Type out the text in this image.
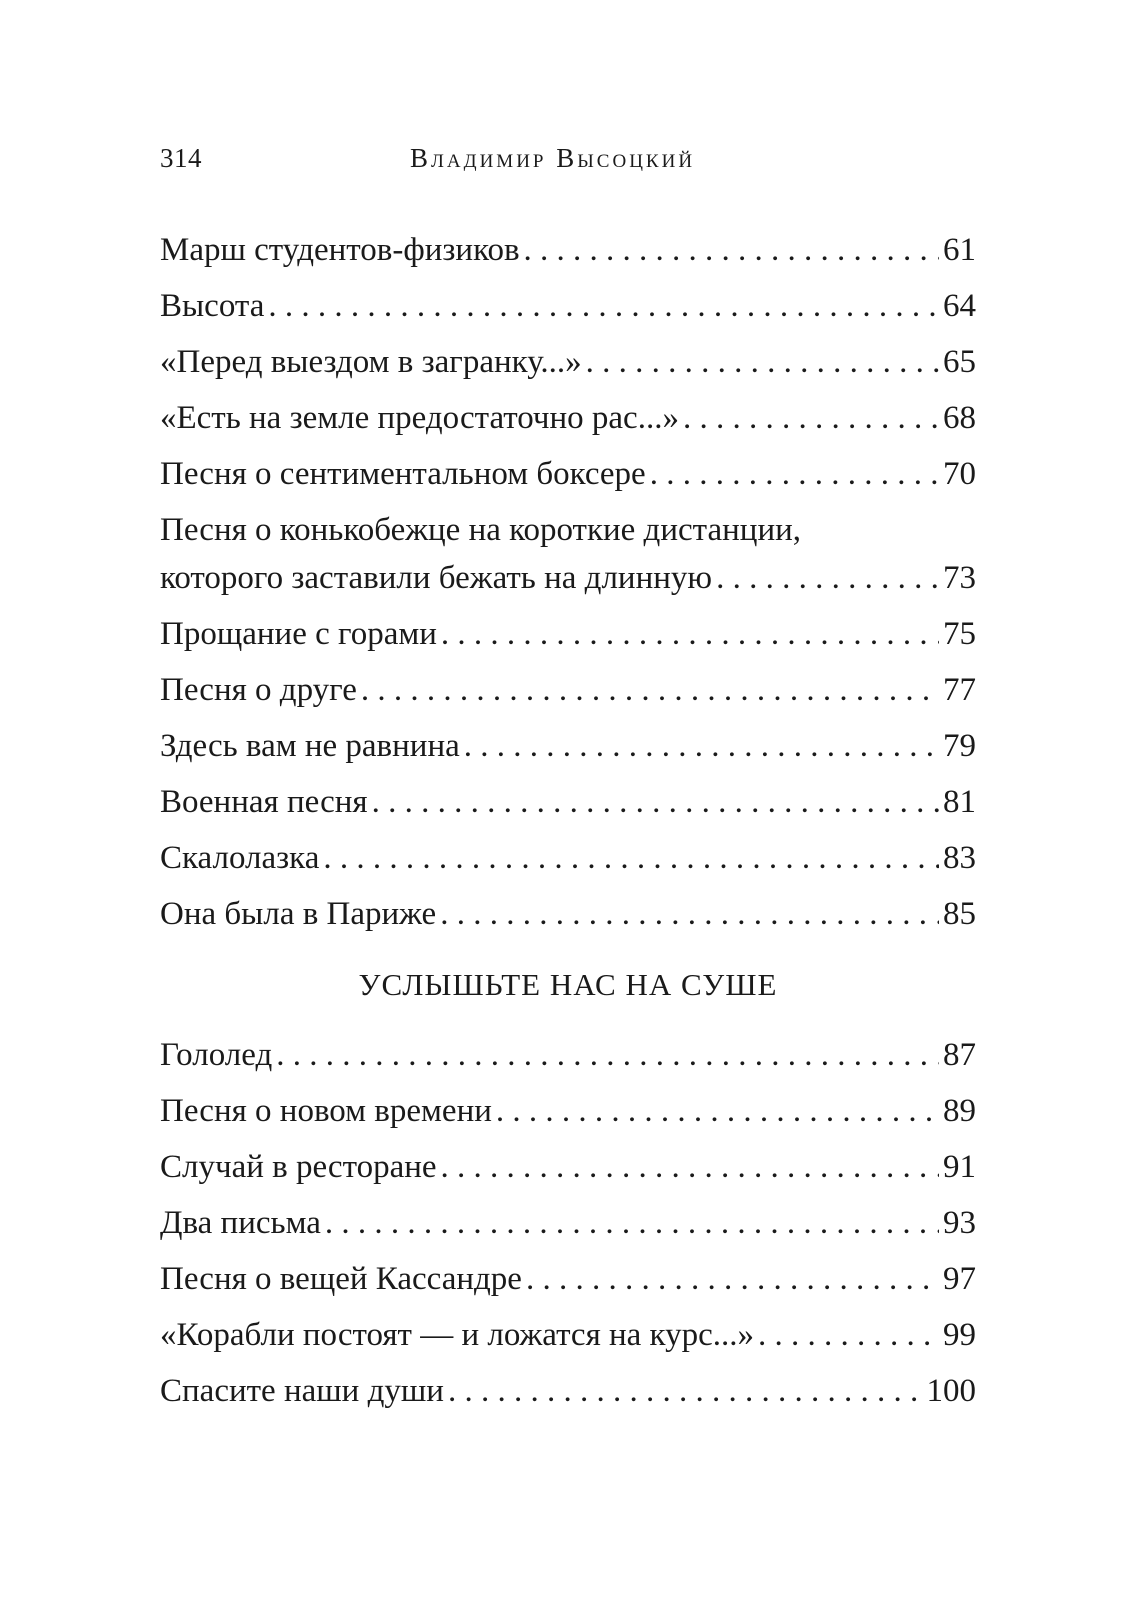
314	Владимир Высоцкий
Марш студентов-физиков . . .	61
Высота . . .	64
«Перед выездом в загранку...» . . .	65
«Есть на земле предостаточно рас...» . . .	68
Песня о сентиментальном боксере . . .	70
Песня о конькобежце на короткие дистанции,
которого заставили бежать на длинную . . .	73
Прощание с горами . . .	75
Песня о друге . . .	77
Здесь вам не равнина . . .	79
Военная песня . . .	81
Скалолазка . . .	83
Она была в Париже . . .	85
УСЛЫШЬТЕ НАС НА СУШЕ
Гололед . . .	87
Песня о новом времени . . .	89
Случай в ресторане . . .	91
Два письма . . .	93
Песня о вещей Кассандре . . .	97
«Корабли постоят — и ложатся на курс...» . . .	99
Спасите наши души . . .	100
